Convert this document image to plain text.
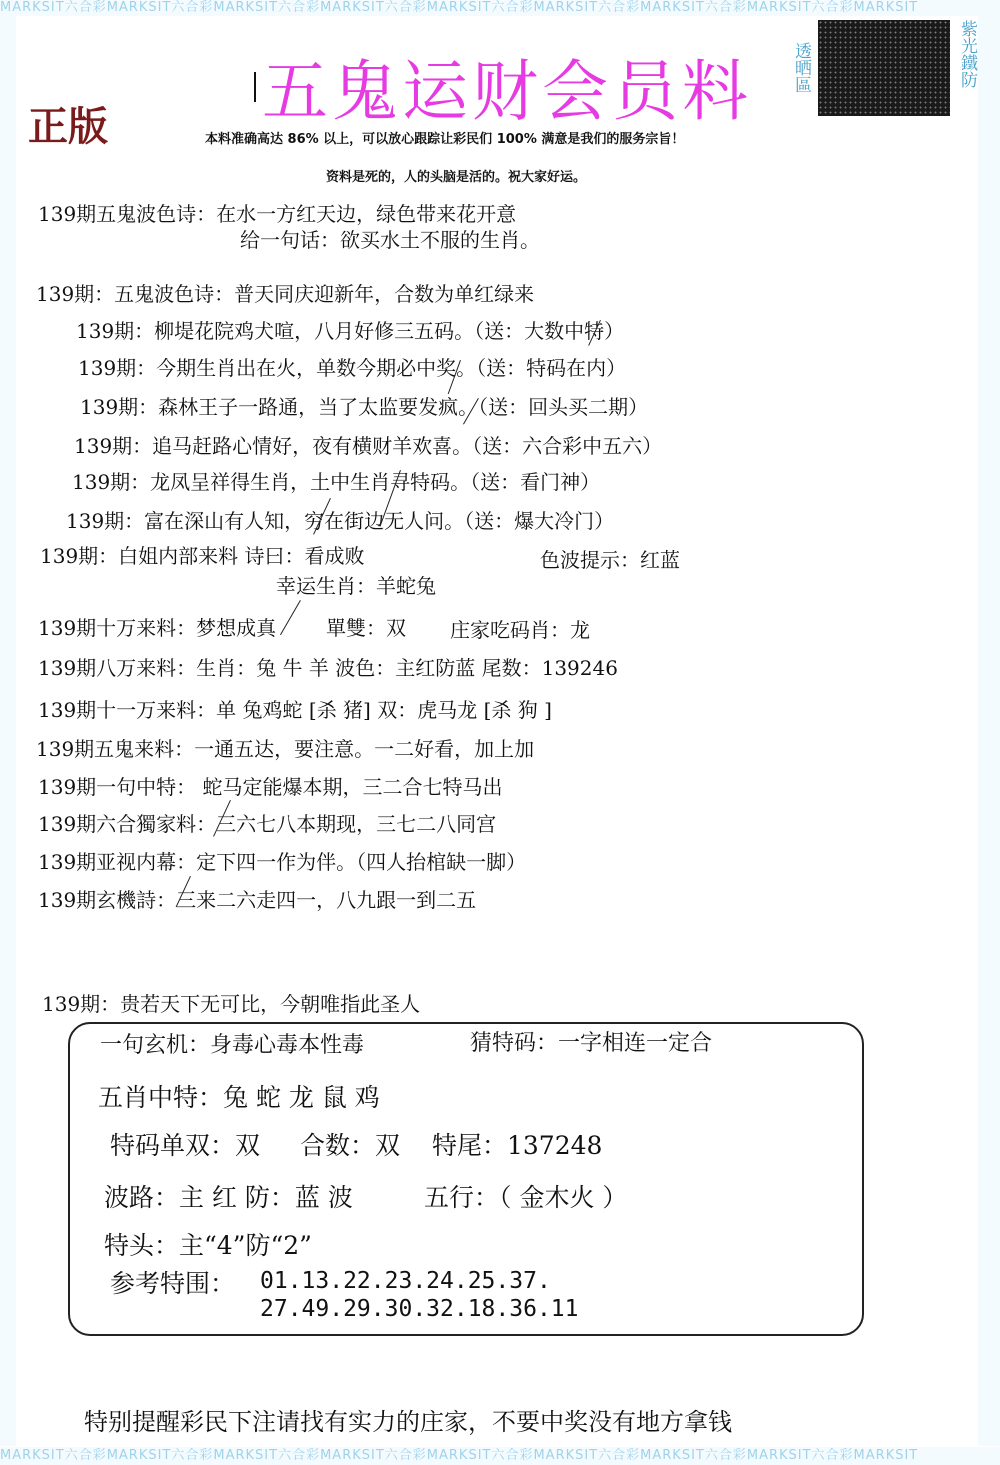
MARKSIT六合彩MARKSIT六合彩MARKSIT六合彩MARKSIT六合彩MARKSIT六合彩MARKSIT六合彩MARKSIT六合彩MARKSIT六合彩MARKSIT
MARKSIT六合彩MARKSIT六合彩MARKSIT六合彩MARKSIT六合彩MARKSIT六合彩MARKSIT六合彩MARKSIT六合彩MARKSIT六合彩MARKSIT
正版 五鬼运财会员料 透晒區	紫光鐵防
本料准确高达 86% 以上，可以放心跟踪让彩民们 100% 满意是我们的服务宗旨！
资料是死的，人的头脑是活的。祝大家好运。
139期五鬼波色诗：在水一方红天边，绿色带来花开意
给一句话：欲买水土不服的生肖。
139期：五鬼波色诗：普天同庆迎新年，合数为单红绿来
139期：柳堤花院鸡犬喧，八月好修三五码。（送：大数中特）
139期：今期生肖出在火，单数今期必中奖。（送：特码在内）
139期：森林王子一路通，当了太监要发疯。（送：回头买二期）
139期：追马赶路心情好，夜有横财羊欢喜。（送：六合彩中五六）
139期：龙凤呈祥得生肖，土中生肖寻特码。（送：看门神）
139期：富在深山有人知，穷在街边无人问。（送：爆大冷门）
139期：白姐内部来料 诗曰：看成败	色波提示：红蓝
幸运生肖：羊蛇兔
139期十万来料：梦想成真 單雙：双 庄家吃码肖：龙
139期八万来料：生肖：兔 牛 羊 波色：主红防蓝 尾数：139246
139期十一万来料：单 兔鸡蛇 [杀 猪] 双：虎马龙 [杀 狗 ]
139期五鬼来料：一通五达，要注意。一二好看，加上加
139期一句中特： 蛇马定能爆本期，三二合七特马出
139期六合獨家料：三六七八本期现，三七二八同宫
139期亚视内幕：定下四一作为伴。（四人抬棺缺一脚）
139期玄機詩：三来二六走四一，八九跟一到二五
139期：贵若天下无可比，今朝唯指此圣人
一句玄机：身毒心毒本性毒	猜特码：一字相连一定合
五肖中特：兔 蛇 龙 鼠 鸡
特码单双：双 合数：双 特尾：137248
波路：主 红 防：蓝 波	五行：（ 金木火 ）
特头：主“4”防“2”
参考特围： 01.13.22.23.24.25.37.
27.49.29.30.32.18.36.11
特别提醒彩民下注请找有实力的庄家，不要中奖没有地方拿钱
